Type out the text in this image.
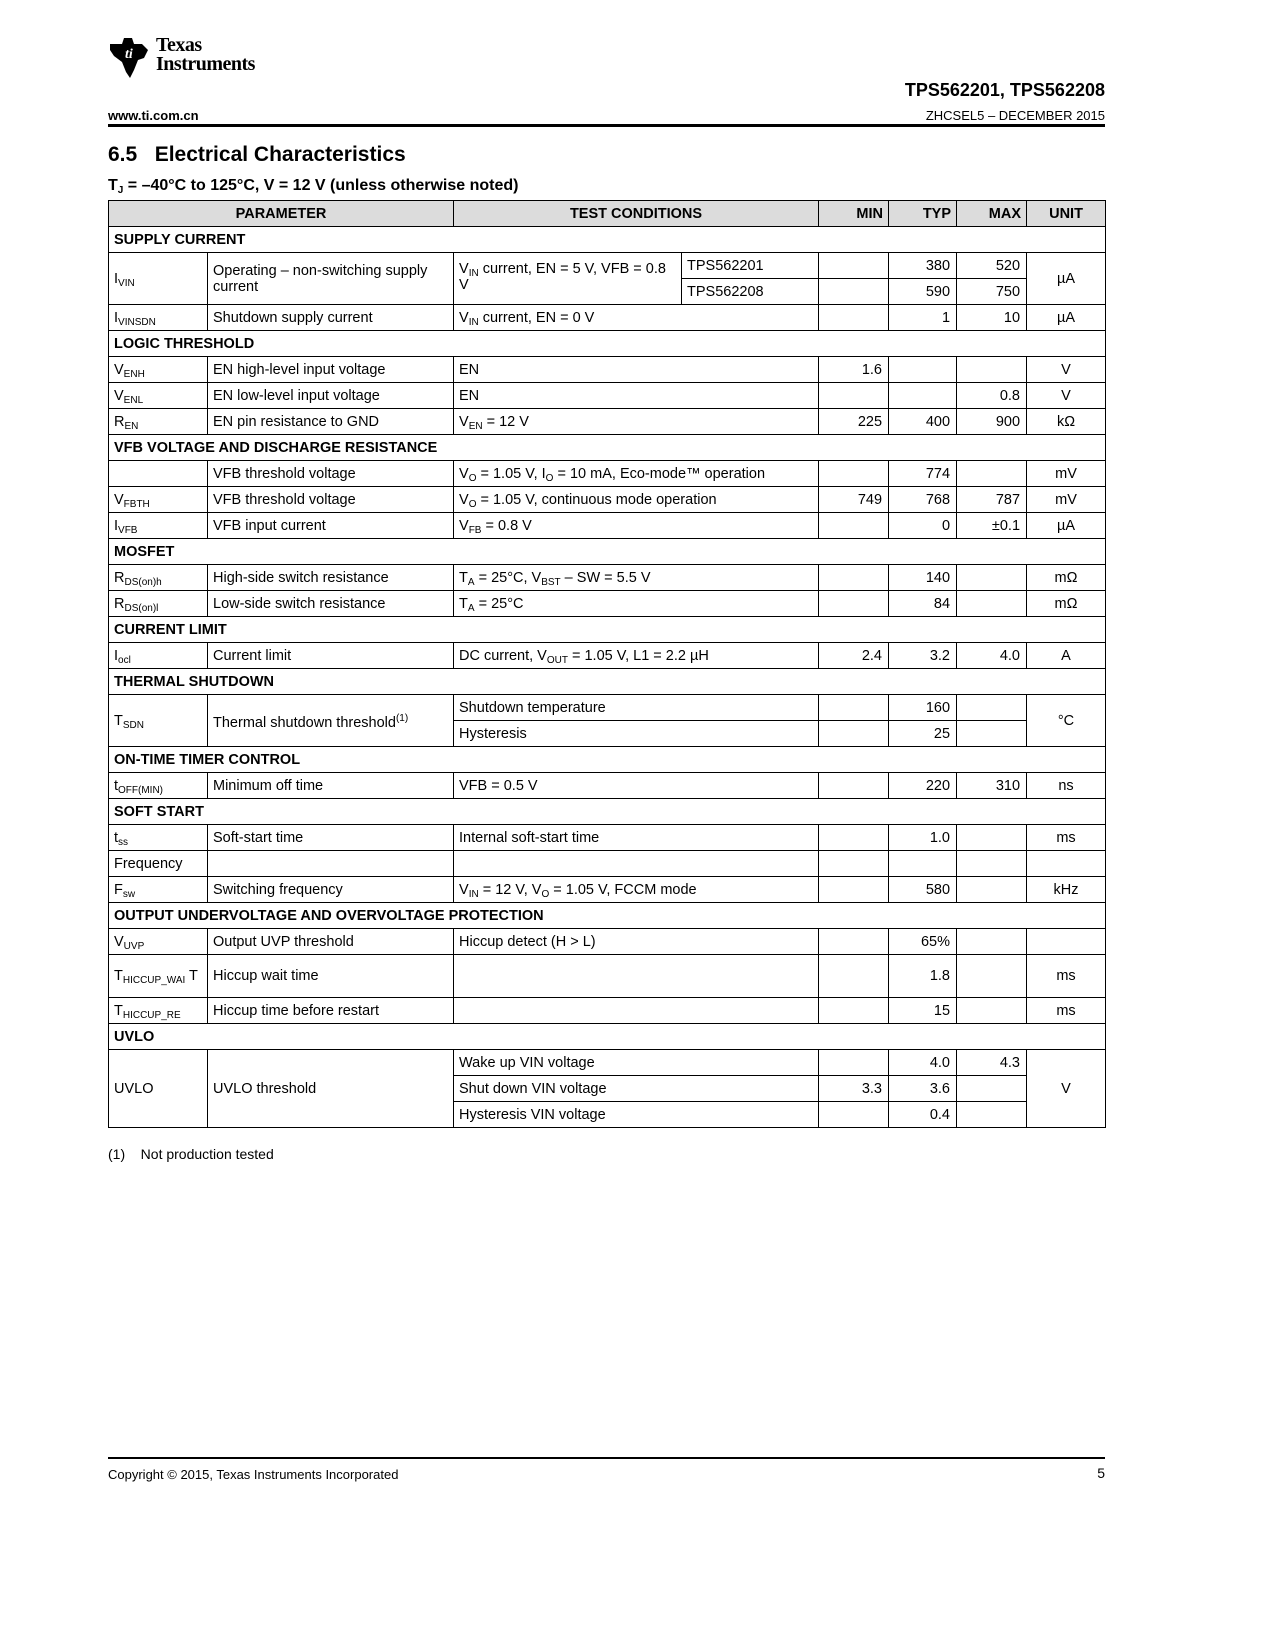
ti Texas
Instruments
TPS562201, TPS562208
www.ti.com.cn	ZHCSEL5 – DECEMBER 2015
6.5   Electrical Characteristics
$T_J = -40^\circ C$ to 125°C, V = 12 V (unless otherwise noted)
PARAMETER		TEST CONDITIONS		MIN	TYP	MAX	UNIT
SUPPLY CURRENT							
$I_{VIN}$	Operating – non-switching supply current	$V_{IN}$ current, EN = 5 V, VFB = 0.8 V	TPS562201		380	520	µA
			TPS562208		590	750	
$I_{VINSDN}$	Shutdown supply current	$V_{IN}$ current, EN = 0 V			1	10	µA
LOGIC THRESHOLD							
$V_{ENH}$	EN high-level input voltage	EN		1.6			V
$V_{ENL}$	EN low-level input voltage	EN				0.8	V
$R_{EN}$	EN pin resistance to GND	$V_{EN} = 12$ V		225	400	900	kΩ
VFB VOLTAGE AND DISCHARGE RESISTANCE							
	VFB threshold voltage	$V_O = 1.05$ V, $I_O = 10$ mA, Eco-mode™ operation			774		mV
$V_{FBTH}$	VFB threshold voltage	$V_O = 1.05$ V, continuous mode operation		749	768	787	mV
$I_{VFB}$	VFB input current	$V_{FB} = 0.8$ V			0	±0.1	µA
MOSFET							
$R_{DS(on)h}$	High-side switch resistance	$T_A = 25^\circ C$, $V_{BST}$ – SW = 5.5 V			140		mΩ
$R_{DS(on)l}$	Low-side switch resistance	$T_A = 25^\circ C$			84		mΩ
CURRENT LIMIT							
$I_{ocl}$	Current limit	DC current, $V_{OUT} = 1.05$ V, L1 = 2.2 µH		2.4	3.2	4.0	A
THERMAL SHUTDOWN							
$T_{SDN}$	Thermal shutdown threshold$^{(1)}$	Shutdown temperature			160		°C
		Hysteresis			25		
ON-TIME TIMER CONTROL							
$t_{OFF(MIN)}$	Minimum off time	VFB = 0.5 V			220	310	ns
SOFT START							
$t_{ss}$	Soft-start time	Internal soft-start time			1.0		ms
Frequency							
$F_{sw}$	Switching frequency	$V_{IN} = 12$ V, $V_O = 1.05$ V, FCCM mode			580		kHz
OUTPUT UNDERVOLTAGE AND OVERVOLTAGE PROTECTION							
$V_{UVP}$	Output UVP threshold	Hiccup detect (H > L)			65%		
$T_{HICCUP\_WAI}$ T	Hiccup wait time				1.8		ms
$T_{HICCUP\_RE}$	Hiccup time before restart				15		ms
UVLO							
UVLO	UVLO threshold	Wake up VIN voltage			4.0	4.3	V
		Shut down VIN voltage		3.3	3.6		
		Hysteresis VIN voltage			0.4		
(1)    Not production tested
Copyright © 2015, Texas Instruments Incorporated	5
